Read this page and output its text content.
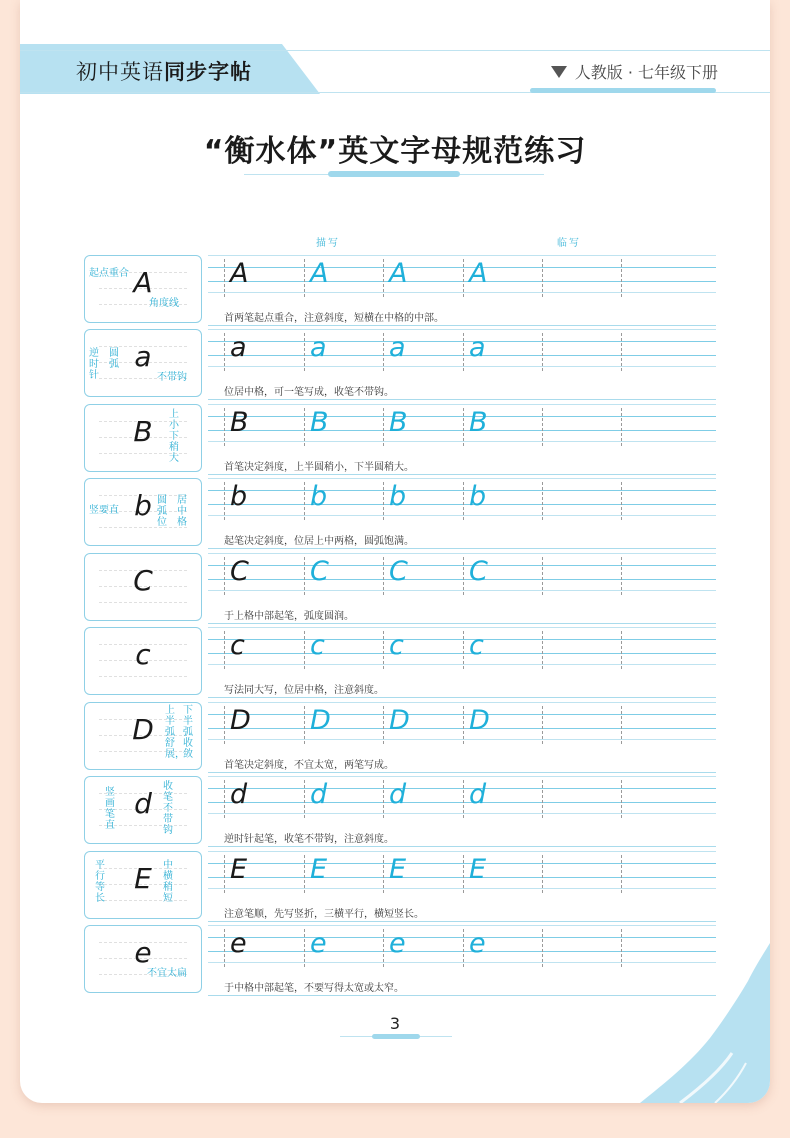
初中英语同步字帖	人教版 · 七年级下册
“衡水体”英文字母规范练习
描写	临写
A
起点重合
角度线
A A A A
首两笔起点重合，注意斜度，短横在中格的中部。
a
逆时针
圆弧
不带钩
a a a a
位居中格，可一笔写成，收笔不带钩。
B
上小下稍大
B B B B
首笔决定斜度，上半圆稍小，下半圆稍大。
b
竖要直
圆弧位
居中格
b b b b
起笔决定斜度，位居上中两格，圆弧饱满。
C	C C C C
于上格中部起笔，弧度圆润。
c	c c c c
写法同大写，位居中格，注意斜度。
D
上半弧舒展，
下半弧收敛
D D D D
首笔决定斜度，不宜太宽，两笔写成。
d
竖画笔直
收笔不带钩
d d d d
逆时针起笔，收笔不带钩，注意斜度。
E
平行等长
中横稍短
E E E E
注意笔顺，先写竖折，三横平行，横短竖长。
e
不宜太扁
e e e e
于中格中部起笔，不要写得太宽或太窄。
3
